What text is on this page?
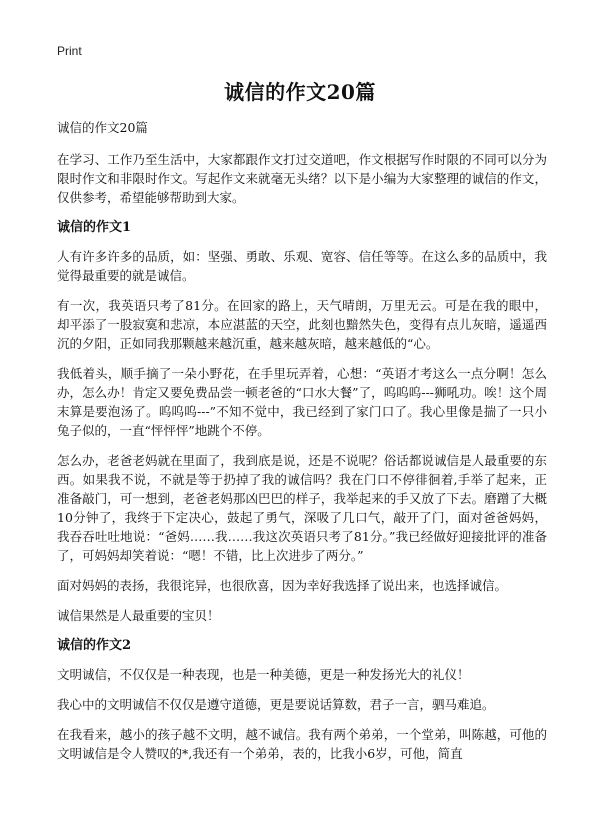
Print
诚信的作文20篇

诚信的作文20篇

在学习、工作乃至生活中，大家都跟作文打过交道吧，作文根据写作时限的不同可以分为限时作文和非限时作文。写起作文来就毫无头绪？以下是小编为大家整理的诚信的作文，仅供参考，希望能够帮助到大家。

诚信的作文1

人有许多许多的品质，如：坚强、勇敢、乐观、宽容、信任等等。在这么多的品质中，我觉得最重要的就是诚信。

有一次，我英语只考了81分。在回家的路上，天气晴朗，万里无云。可是在我的眼中，却平添了一股寂寞和悲凉，本应湛蓝的天空，此刻也黯然失色，变得有点儿灰暗，遥遥西沉的夕阳，正如同我那颗越来越沉重，越来越灰暗，越来越低的“心。

我低着头，顺手摘了一朵小野花，在手里玩弄着，心想：“英语才考这么一点分啊！怎么办，怎么办！肯定又要免费品尝一顿老爸的“口水大餐”了，呜呜呜---狮吼功。唉！这个周末算是要泡汤了。呜呜呜---”不知不觉中，我已经到了家门口了。我心里像是揣了一只小兔子似的，一直“怦怦怦”地跳个不停。

怎么办，老爸老妈就在里面了，我到底是说，还是不说呢？俗话都说诚信是人最重要的东西。如果我不说，不就是等于扔掉了我的诚信吗？我在门口不停徘徊着,手举了起来，正准备敲门，可一想到，老爸老妈那凶巴巴的样子，我举起来的手又放了下去。磨蹭了大概10分钟了，我终于下定决心，鼓起了勇气，深吸了几口气，敲开了门，面对爸爸妈妈，我吞吞吐吐地说：“爸妈……我……我这次英语只考了81分。”我已经做好迎接批评的准备了，可妈妈却笑着说：“嗯！不错，比上次进步了两分。”

面对妈妈的表扬，我很诧异，也很欣喜，因为幸好我选择了说出来，也选择诚信。

诚信果然是人最重要的宝贝！

诚信的作文2

文明诚信，不仅仅是一种表现，也是一种美德，更是一种发扬光大的礼仪！

我心中的文明诚信不仅仅是遵守道德，更是要说话算数，君子一言，驷马难追。

在我看来，越小的孩子越不文明，越不诚信。我有两个弟弟，一个堂弟，叫陈越，可他的文明诚信是令人赞叹的*,我还有一个弟弟，表的，比我小6岁，可他，简直
